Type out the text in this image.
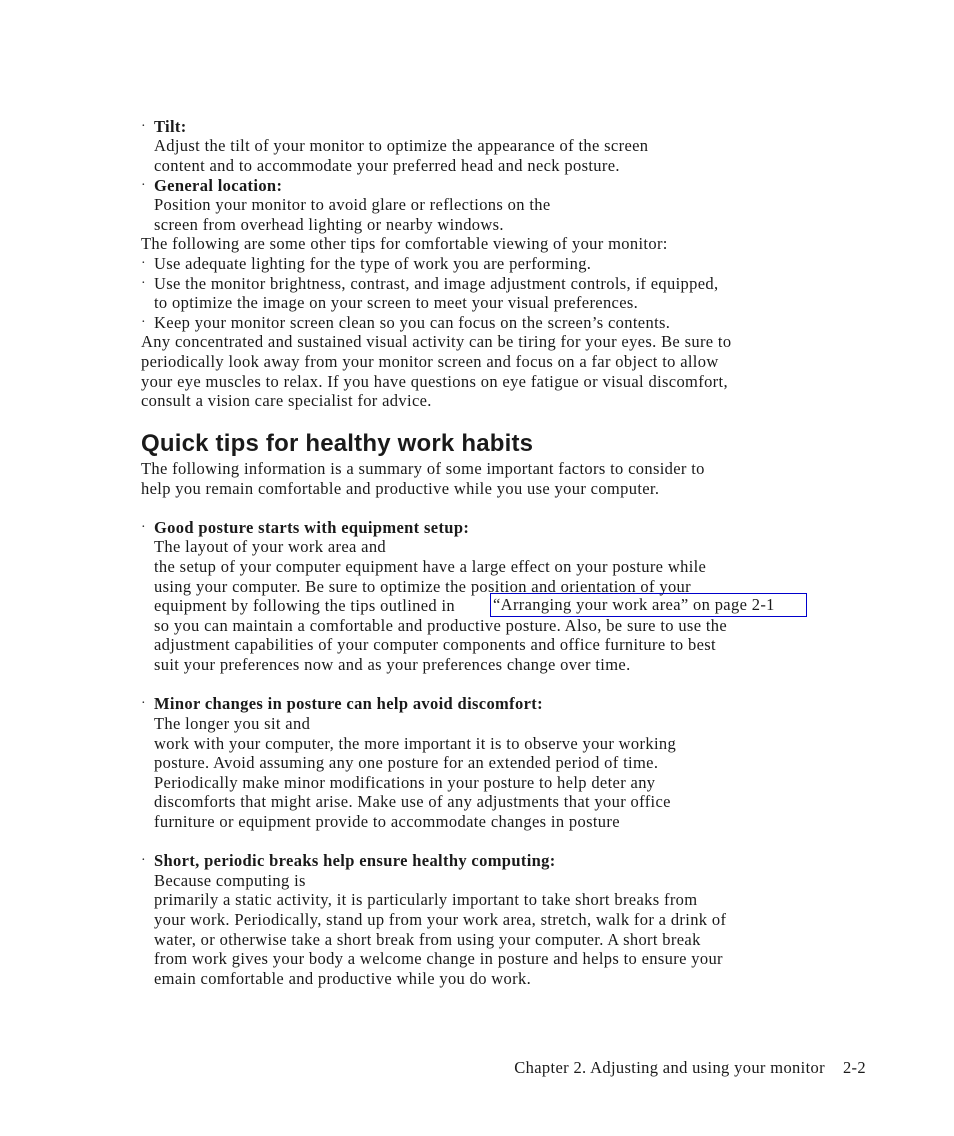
· Tilt:

Adjust the tilt of your monitor to optimize the appearance of the screen

content and to accommodate your preferred head and neck posture.

· General location:

Position your monitor to avoid glare or reflections on the

screen from overhead lighting or nearby windows.

The following are some other tips for comfortable viewing of your monitor:

· Use adequate lighting for the type of work you are performing.

· Use the monitor brightness, contrast, and image adjustment controls, if equipped,

to optimize the image on your screen to meet your visual preferences.

· Keep your monitor screen clean so you can focus on the screen’s contents.

Any concentrated and sustained visual activity can be tiring for your eyes. Be sure to

periodically look away from your monitor screen and focus on a far object to allow

your eye muscles to relax. If you have questions on eye fatigue or visual discomfort,

consult a vision care specialist for advice.

Quick tips for healthy work habits

The following information is a summary of some important factors to consider to

help you remain comfortable and productive while you use your computer.

· Good posture starts with equipment setup:

The layout of your work area and

the setup of your computer equipment have a large effect on your posture while

using your computer. Be sure to optimize the position and orientation of your

equipment by following the tips outlined in “Arranging your work area” on page 2-1

so you can maintain a comfortable and productive posture. Also, be sure to use the

adjustment capabilities of your computer components and office furniture to best

suit your preferences now and as your preferences change over time.

· Minor changes in posture can help avoid discomfort:

The longer you sit and

work with your computer, the more important it is to observe your working

posture. Avoid assuming any one posture for an extended period of time.

Periodically make minor modifications in your posture to help deter any

discomforts that might arise. Make use of any adjustments that your office

furniture or equipment provide to accommodate changes in posture

· Short, periodic breaks help ensure healthy computing:

Because computing is

primarily a static activity, it is particularly important to take short breaks from

your work. Periodically, stand up from your work area, stretch, walk for a drink of

water, or otherwise take a short break from using your computer. A short break

from work gives your body a welcome change in posture and helps to ensure your

emain comfortable and productive while you do work.

Chapter 2. Adjusting and using your monitor 2-2
